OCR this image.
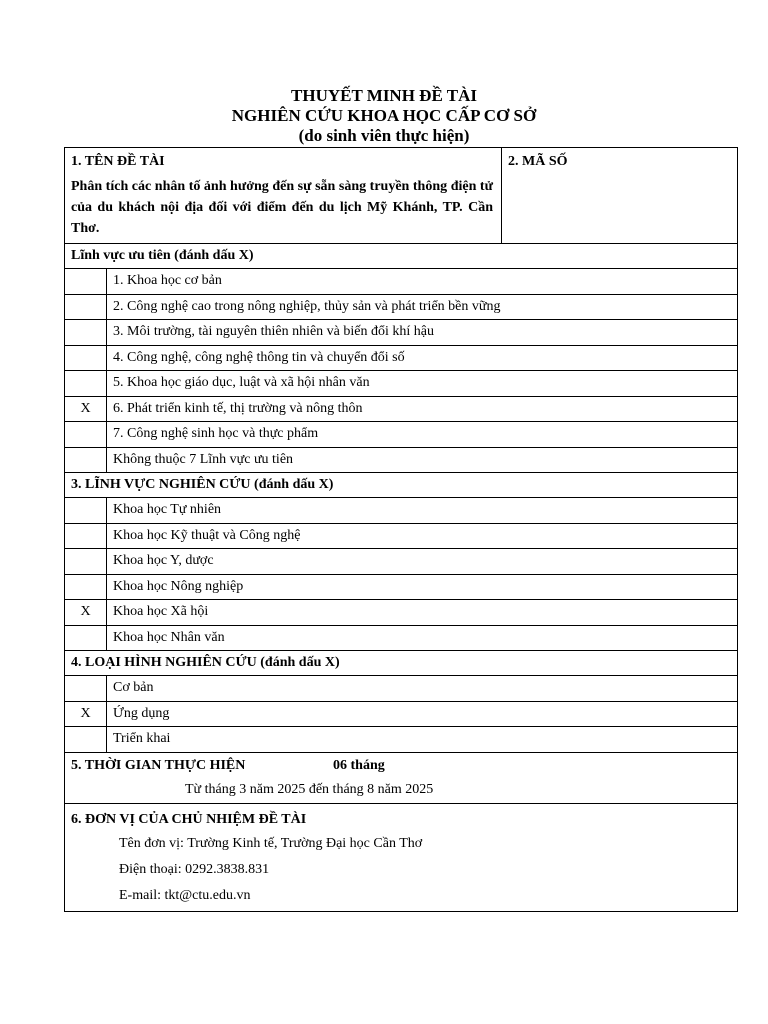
THUYẾT MINH ĐỀ TÀI
NGHIÊN CỨU KHOA HỌC CẤP CƠ SỞ
(do sinh viên thực hiện)
1. TÊN ĐỀ TÀI
Phân tích các nhân tố ảnh hưởng đến sự sẵn sàng truyền thông điện tử của du khách nội địa đối với điểm đến du lịch Mỹ Khánh, TP. Cần Thơ.		2. MÃ SỐ

Lĩnh vực ưu tiên (đánh dấu X)		
	1. Khoa học cơ bản	
	2. Công nghệ cao trong nông nghiệp, thủy sản và phát triển bền vững	
	3. Môi trường, tài nguyên thiên nhiên và biến đổi khí hậu	
	4. Công nghệ, công nghệ thông tin và chuyển đổi số	
	5. Khoa học giáo dục, luật và xã hội nhân văn	
X	6. Phát triển kinh tế, thị trường và nông thôn	
	7. Công nghệ sinh học và thực phẩm	
	Không thuộc 7 Lĩnh vực ưu tiên	
3. LĨNH VỰC NGHIÊN CỨU (đánh dấu X)		
	Khoa học Tự nhiên	
	Khoa học Kỹ thuật và Công nghệ	
	Khoa học Y, dược	
	Khoa học Nông nghiệp	
X	Khoa học Xã hội	
	Khoa học Nhân văn	
4. LOẠI HÌNH NGHIÊN CỨU (đánh dấu X)		
	Cơ bản	
X	Ứng dụng	
	Triển khai	

5. THỜI GIAN THỰC HIỆN 06 tháng
Từ tháng 3 năm 2025 đến tháng 8 năm 2025		

6. ĐƠN VỊ CỦA CHỦ NHIỆM ĐỀ TÀI
Tên đơn vị: Trường Kinh tế, Trường Đại học Cần Thơ
Điện thoại: 0292.3838.831
E-mail: tkt@ctu.edu.vn		
